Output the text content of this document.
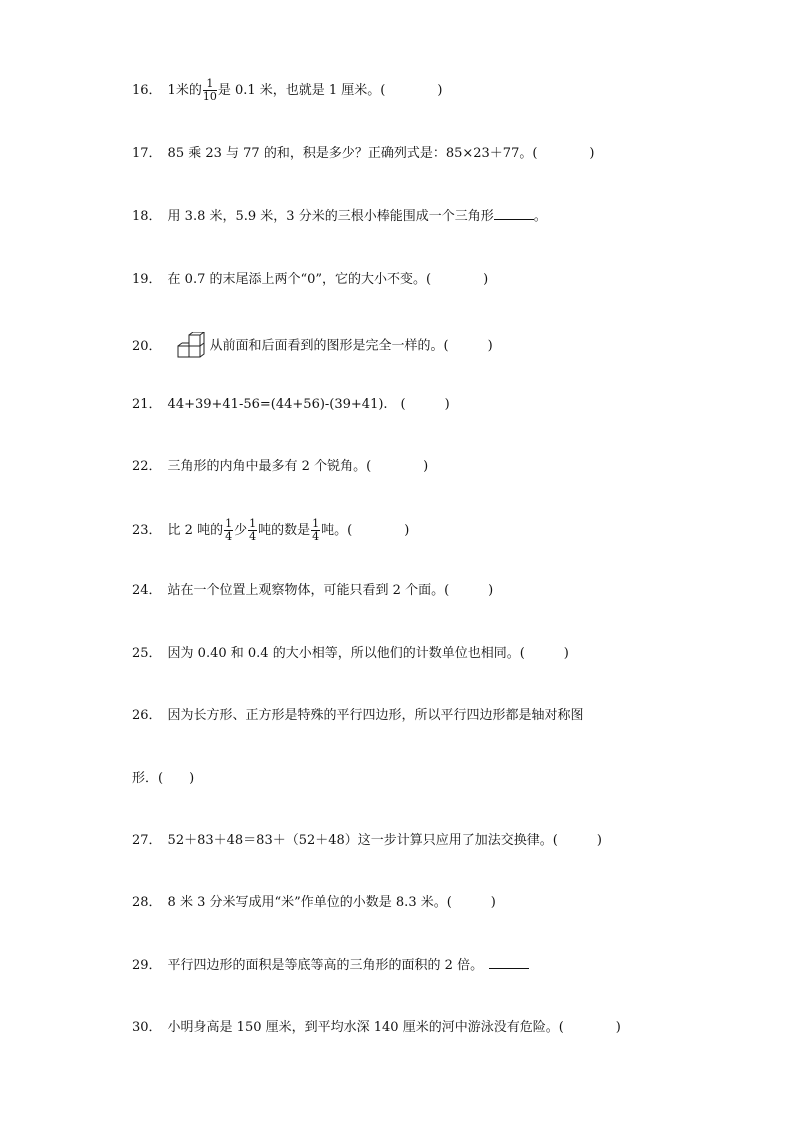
16． 1米的 $\frac{1}{10}$ 是 0.1 米，也就是 1 厘米。(　　　　)
17． 85 乘 23 与 77 的和，积是多少？正确列式是：85×23＋77。(　　　　)
18． 用 3.8 米，5.9 米，3 分米的三根小棒能围成一个三角形	。
19． 在 0.7 的末尾添上两个“0”，它的大小不变。(　　　　)
20．	从前面和后面看到的图形是完全一样的。(　　　)
21． 44+39+41-56=(44+56)-(39+41).　(　　　)
22． 三角形的内角中最多有 2 个锐角。(　　　　)
23． 比 2 吨的 $\frac{1}{4}$ 少 $\frac{1}{4}$ 吨的数是 $\frac{1}{4}$ 吨。(　　　　)
24． 站在一个位置上观察物体，可能只看到 2 个面。(　　　)
25． 因为 0.40 和 0.4 的大小相等，所以他们的计数单位也相同。(　　　)
26． 因为长方形、正方形是特殊的平行四边形，所以平行四边形都是轴对称图
形．(　　)
27． 52＋83＋48＝83＋（52＋48）这一步计算只应用了加法交换律。(　　　)
28． 8 米 3 分米写成用“米”作单位的小数是 8.3 米。(　　　)
29． 平行四边形的面积是等底等高的三角形的面积的 2 倍。
30． 小明身高是 150 厘米，到平均水深 140 厘米的河中游泳没有危险。(　　　　)
